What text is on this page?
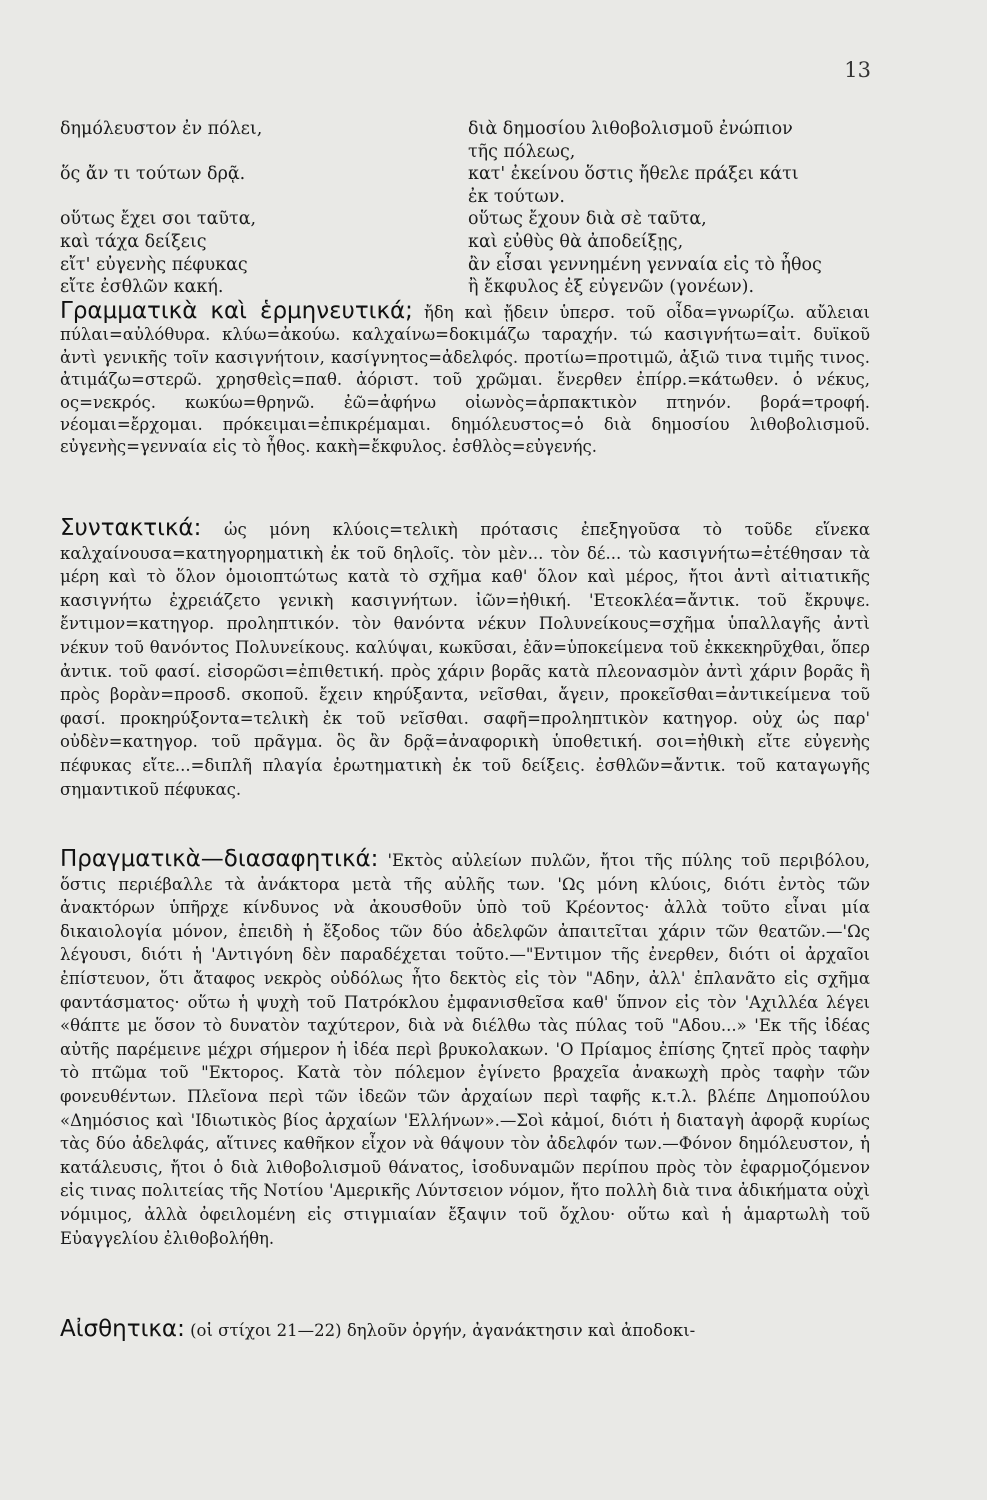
13
δημόλευστον ἐν πόλει,	διὰ δημοσίου λιθοβολισμοῦ ἐνώπιον
τῆς πόλεως,
ὅς ἄν τι τούτων δρᾷ.	κατ' ἐκείνου ὅστις ἤθελε πράξει κάτι
ἐκ τούτων.
οὕτως ἔχει σοι ταῦτα,	οὕτως ἔχουν διὰ σὲ ταῦτα,
καὶ τάχα δείξεις	καὶ εὐθὺς θὰ ἀποδείξῃς,
εἴτ' εὐγενὴς πέφυκας	ἂν εἶσαι γεννημένη γενναία εἰς τὸ ἦθος
εἴτε ἐσθλῶν κακή.	ἢ ἔκφυλος ἐξ εὐγενῶν (γονέων).
Γραμματικὰ καὶ ἑρμηνευτικά; ἤδη καὶ ᾔδειν ὑπερσ. τοῦ οἶδα=γνωρίζω. αὔλειαι πύλαι=αὐλόθυρα. κλύω=ἀκούω. καλχαίνω=δοκιμάζω ταραχήν. τώ κασιγνήτω=αἰτ. δυϊκοῦ ἀντὶ γενικῆς τοῖν κασιγνήτοιν, κασίγνητος=ἀδελφός. προτίω=προτιμῶ, ἀξιῶ τινα τιμῆς τινος. ἀτιμάζω=στερῶ. χρησθεὶς=παθ. ἀόριστ. τοῦ χρῶμαι. ἔνερθεν ἐπίρρ.=κάτωθεν. ὁ νέκυς, ος=νεκρός. κωκύω=θρηνῶ. ἐῶ=ἀφήνω οἰωνὸς=ἁρπακτικὸν πτηνόν. βορά=τροφή. νέομαι=ἔρχομαι. πρόκειμαι=ἐπικρέμαμαι. δημόλευστος=ὁ διὰ δημοσίου λιθοβολισμοῦ. εὐγενὴς=γενναία εἰς τὸ ἦθος. κακὴ=ἔκφυλος. ἐσθλὸς=εὐγενής.
Συντακτικά: ὡς μόνη κλύοις=τελικὴ πρότασις ἐπεξηγοῦσα τὸ τοῦδε εἵνεκα καλχαίνουσα=κατηγορηματικὴ ἐκ τοῦ δηλοῖς. τὸν μὲν... τὸν δέ... τὼ κασιγνήτω=ἐτέθησαν τὰ μέρη καὶ τὸ ὅλον ὁμοιοπτώτως κατὰ τὸ σχῆμα καθ' ὅλον καὶ μέρος, ἤτοι ἀντὶ αἰτιατικῆς κασιγνήτω ἐχρειάζετο γενικὴ κασιγνήτων. ἰῶν=ἠθική. 'Ετεοκλέα=ἄντικ. τοῦ ἔκρυψε. ἔντιμον=κατηγορ. προληπτικόν. τὸν θανόντα νέκυν Πολυνείκους=σχῆμα ὑπαλλαγῆς ἀντὶ νέκυν τοῦ θανόντος Πολυνείκους. καλύψαι, κωκῦσαι, ἐᾶν=ὑποκείμενα τοῦ ἐκκεκηρῦχθαι, ὅπερ ἀντικ. τοῦ φασί. εἰσορῶσι=ἐπιθετική. πρὸς χάριν βορᾶς κατὰ πλεονασμὸν ἀντὶ χάριν βορᾶς ἢ πρὸς βορὰν=προσδ. σκοποῦ. ἔχειν κηρύξαντα, νεῖσθαι, ἄγειν, προκεῖσθαι=ἀντικείμενα τοῦ φασί. προκηρύξοντα=τελικὴ ἐκ τοῦ νεῖσθαι. σαφῆ=προληπτικὸν κατηγορ. οὐχ ὡς παρ' οὐδὲν=κατηγορ. τοῦ πρᾶγμα. ὃς ἂν δρᾷ=ἀναφορικὴ ὑποθετική. σοι=ἠθικὴ εἴτε εὐγενὴς πέφυκας εἴτε...=διπλῆ πλαγία ἐρωτηματικὴ ἐκ τοῦ δείξεις. ἐσθλῶν=ἄντικ. τοῦ καταγωγῆς σημαντικοῦ πέφυκας.
Πραγματικὰ—διασαφητικά: 'Εκτὸς αὐλείων πυλῶν, ἤτοι τῆς πύλης τοῦ περιβόλου, ὅστις περιέβαλλε τὰ ἀνάκτορα μετὰ τῆς αὐλῆς των. 'Ως μόνη κλύοις, διότι ἐντὸς τῶν ἀνακτόρων ὑπῆρχε κίνδυνος νὰ ἀκουσθοῦν ὑπὸ τοῦ Κρέοντος· ἀλλὰ τοῦτο εἶναι μία δικαιολογία μόνον, ἐπειδὴ ἡ ἔξοδος τῶν δύο ἀδελφῶν ἀπαιτεῖται χάριν τῶν θεατῶν.—'Ως λέγουσι, διότι ἡ 'Αντιγόνη δὲν παραδέχεται τοῦτο.—"Εντιμον τῆς ἐνερθεν, διότι οἱ ἀρχαῖοι ἐπίστευον, ὅτι ἄταφος νεκρὸς οὐδόλως ἦτο δεκτὸς εἰς τὸν "Αδην, ἀλλ' ἐπλανᾶτο εἰς σχῆμα φαντάσματος· οὕτω ἡ ψυχὴ τοῦ Πατρόκλου ἐμφανισθεῖσα καθ' ὕπνον εἰς τὸν 'Αχιλλέα λέγει «θάπτε με ὅσον τὸ δυνατὸν ταχύτερον, διὰ νὰ διέλθω τὰς πύλας τοῦ "Αδου...» 'Εκ τῆς ἰδέας αὐτῆς παρέμεινε μέχρι σήμερον ἡ ἰδέα περὶ βρυκολακων. 'Ο Πρίαμος ἐπίσης ζητεῖ πρὸς ταφὴν τὸ πτῶμα τοῦ "Εκτορος. Κατὰ τὸν πόλεμον ἐγίνετο βραχεῖα ἀνακωχὴ πρὸς ταφὴν τῶν φονευθέντων. Πλεῖονα περὶ τῶν ἰδεῶν τῶν ἀρχαίων περὶ ταφῆς κ.τ.λ. βλέπε Δημοπούλου «Δημόσιος καὶ 'Ιδιωτικὸς βίος ἀρχαίων 'Ελλήνων».—Σοὶ κἀμοί, διότι ἡ διαταγὴ ἀφορᾷ κυρίως τὰς δύο ἀδελφάς, αἵτινες καθῆκον εἶχον νὰ θάψουν τὸν ἀδελφόν των.—Φόνον δημόλευστον, ἡ κατάλευσις, ἤτοι ὁ διὰ λιθοβολισμοῦ θάνατος, ἰσοδυναμῶν περίπου πρὸς τὸν ἐφαρμοζόμενον εἰς τινας πολιτείας τῆς Νοτίου 'Αμερικῆς Λύντσειον νόμον, ἤτο πολλὴ διὰ τινα ἀδικήματα οὐχὶ νόμιμος, ἀλλὰ ὀφειλομένη εἰς στιγμιαίαν ἔξαψιν τοῦ ὄχλου· οὕτω καὶ ἡ ἁμαρτωλὴ τοῦ Εὐαγγελίου ἐλιθοβολήθη.
Αἰσθητικα: (οἱ στίχοι 21—22) δηλοῦν ὀργήν, ἀγανάκτησιν καὶ ἀποδοκι-
